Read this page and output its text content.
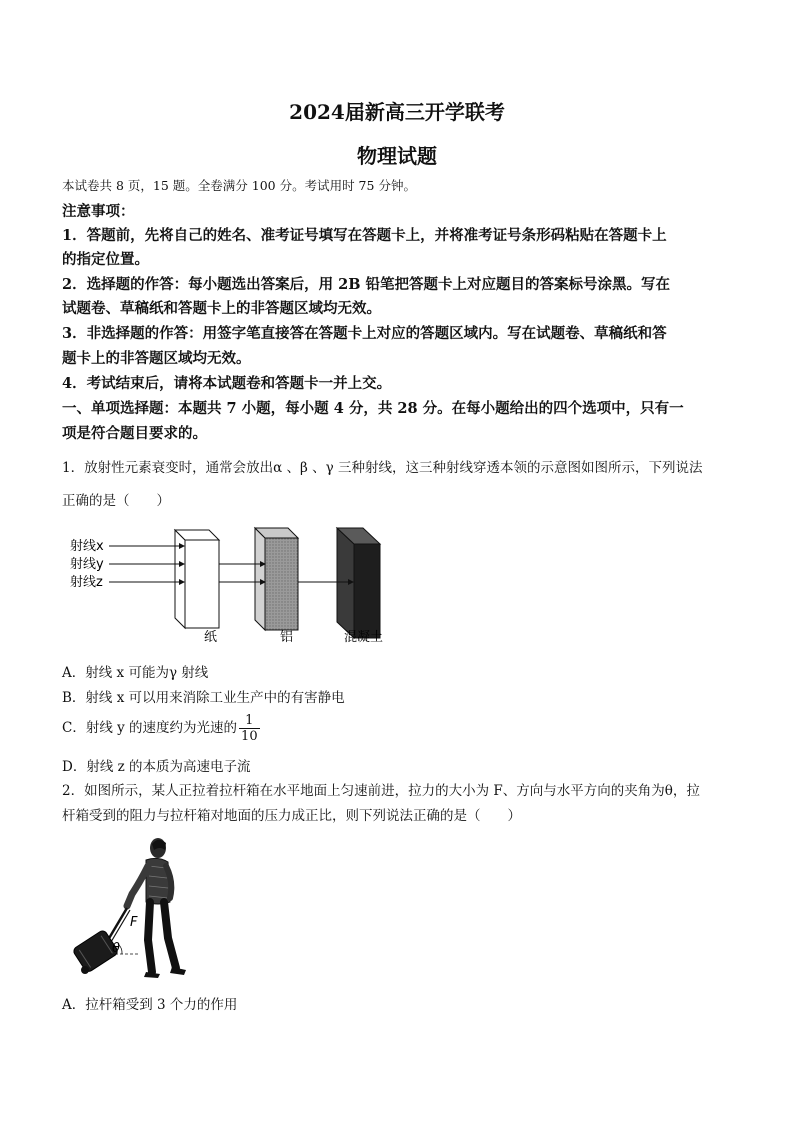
2024届新高三开学联考
物理试题
本试卷共 8 页，15 题。全卷满分 100 分。考试用时 75 分钟。
注意事项：
1．答题前，先将自己的姓名、准考证号填写在答题卡上，并将准考证号条形码粘贴在答题卡上
的指定位置。
2．选择题的作答：每小题选出答案后，用 2B 铅笔把答题卡上对应题目的答案标号涂黑。写在
试题卷、草稿纸和答题卡上的非答题区域均无效。
3．非选择题的作答：用签字笔直接答在答题卡上对应的答题区域内。写在试题卷、草稿纸和答
题卡上的非答题区域均无效。
4．考试结束后，请将本试题卷和答题卡一并上交。
一、单项选择题：本题共 7 小题，每小题 4 分，共 28 分。在每小题给出的四个选项中，只有一
项是符合题目要求的。
1．放射性元素衰变时，通常会放出α 、β 、γ 三种射线，这三种射线穿透本领的示意图如图所示，下列说法
正确的是（　　）
射线x
射线y
射线z
纸	铝	混凝土
A．射线 x 可能为γ 射线
B．射线 x 可以用来消除工业生产中的有害静电
C．射线 y 的速度约为光速的 $\frac{1}{10}$
D．射线 z 的本质为高速电子流
2．如图所示，某人正拉着拉杆箱在水平地面上匀速前进，拉力的大小为 F、方向与水平方向的夹角为θ，拉
杆箱受到的阻力与拉杆箱对地面的压力成正比，则下列说法正确的是（　　）
θ
F
A．拉杆箱受到 3 个力的作用
